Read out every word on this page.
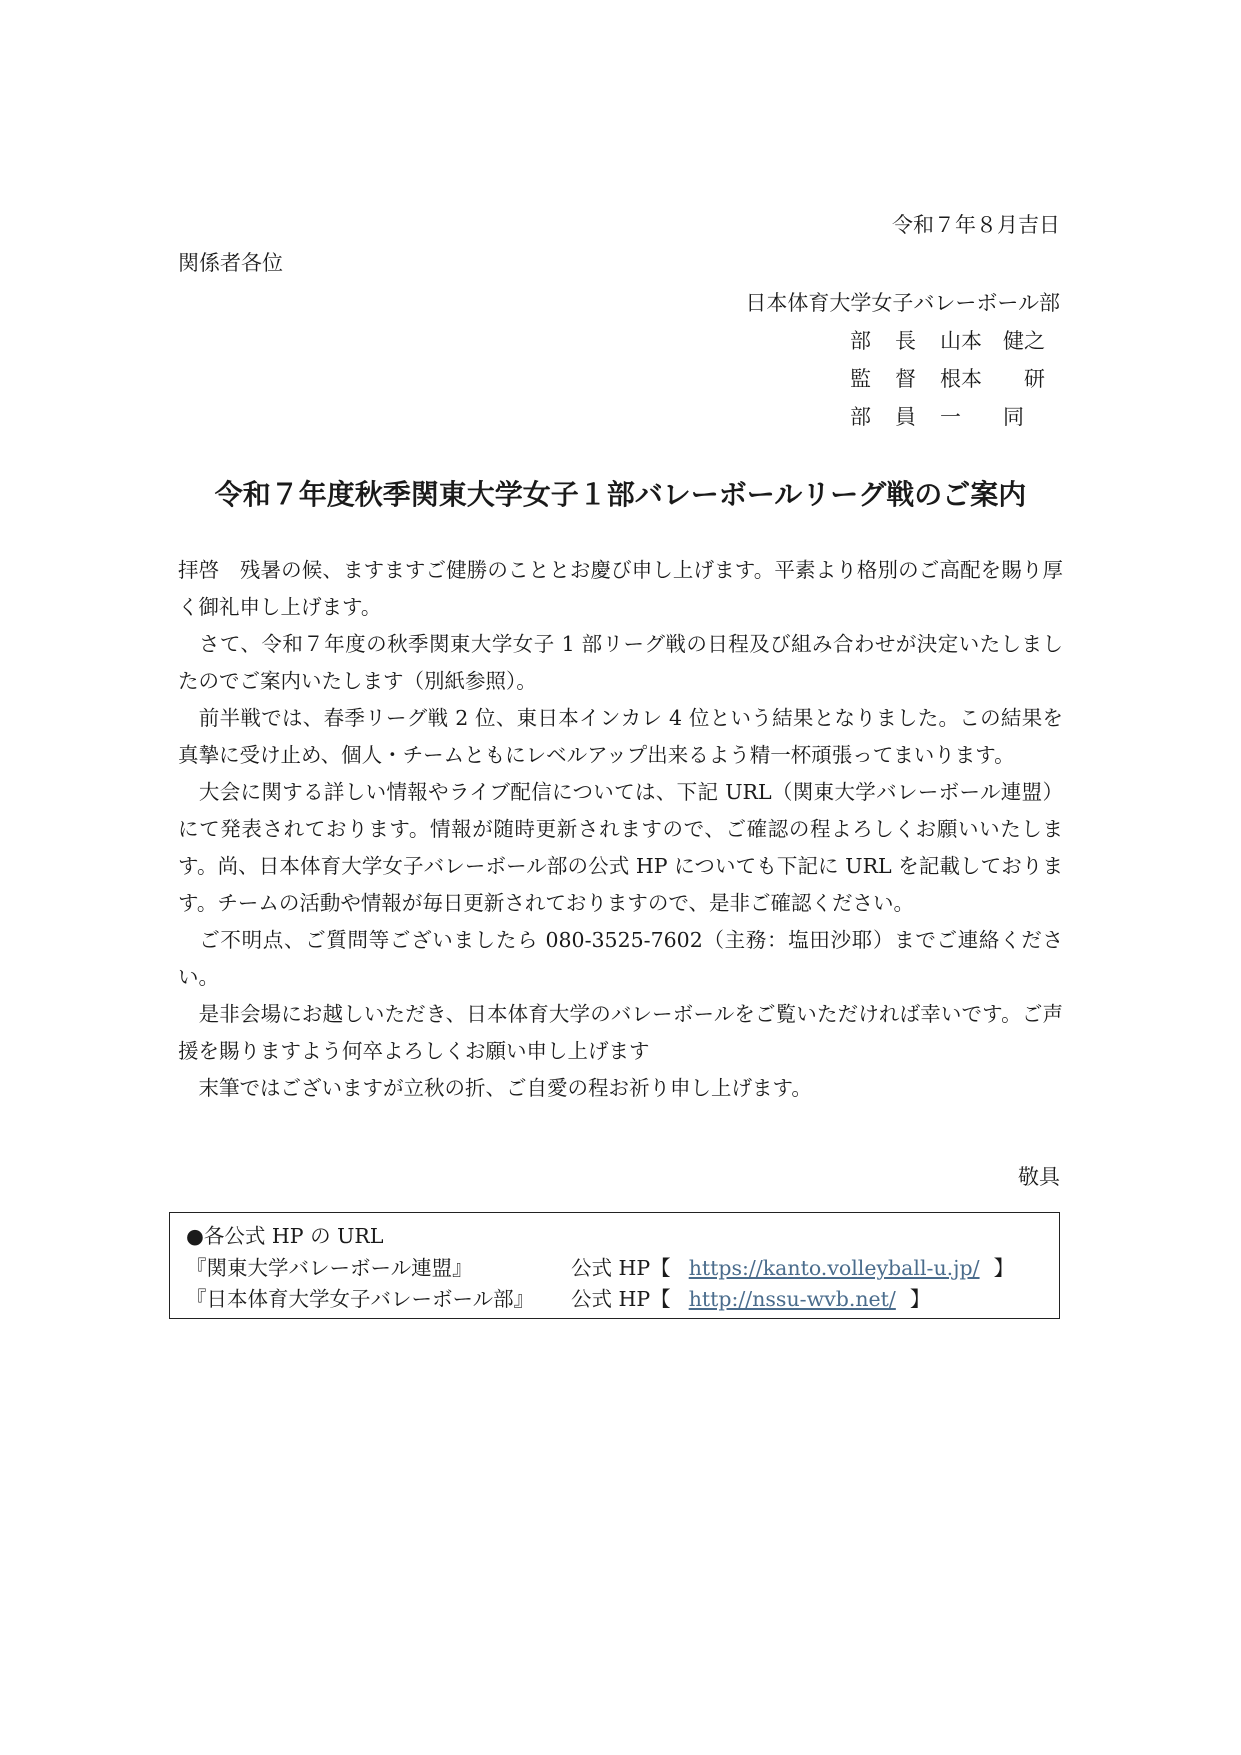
令和７年８月吉日
関係者各位
日本体育大学女子バレーボール部
部長 山本　健之
監督 根本　　研
部員 一　　同
令和７年度秋季関東大学女子１部バレーボールリーグ戦のご案内

拝啓　残暑の候、ますますご健勝のこととお慶び申し上げます。平素より格別のご高配を賜り厚く御礼申し上げます。

　さて、令和７年度の秋季関東大学女子 1 部リーグ戦の日程及び組み合わせが決定いたしましたのでご案内いたします（別紙参照）。

　前半戦では、春季リーグ戦 2 位、東日本インカレ 4 位という結果となりました。この結果を真摯に受け止め、個人・チームともにレベルアップ出来るよう精一杯頑張ってまいります。

　大会に関する詳しい情報やライブ配信については、下記 URL（関東大学バレーボール連盟）にて発表されております。情報が随時更新されますので、ご確認の程よろしくお願いいたします。尚、日本体育大学女子バレーボール部の公式 HP についても下記に URL を記載しております。チームの活動や情報が毎日更新されておりますので、是非ご確認ください。

　ご不明点、ご質問等ございましたら 080-3525-7602（主務：塩田沙耶）までご連絡ください。

　是非会場にお越しいただき、日本体育大学のバレーボールをご覧いただければ幸いです。ご声援を賜りますよう何卒よろしくお願い申し上げます

　末筆ではございますが立秋の折、ご自愛の程お祈り申し上げます。

敬具
●各公式 HP の URL
『関東大学バレーボール連盟』	公式 HP【 https://kanto.volleyball-u.jp/ 】
『日本体育大学女子バレーボール部』 公式 HP【 http://nssu-wvb.net/ 】
